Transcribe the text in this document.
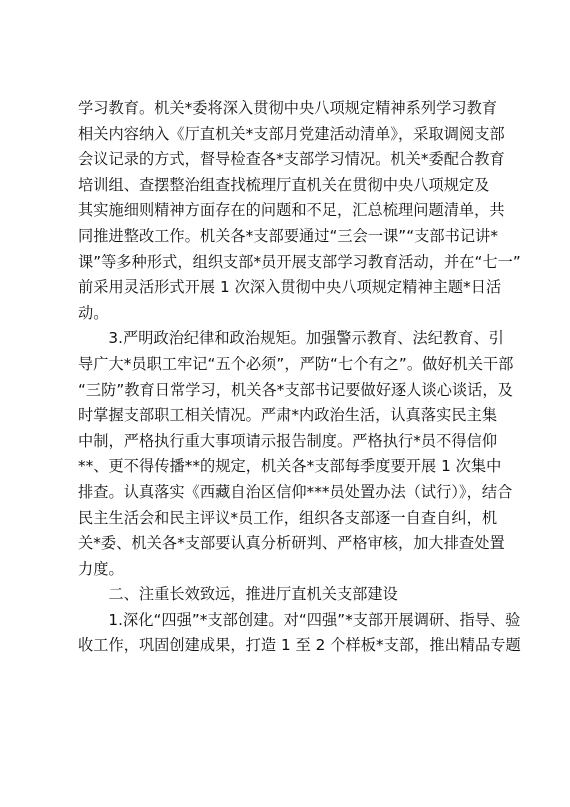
学习教育。机关*委将深入贯彻中央八项规定精神系列学习教育
相关内容纳入《厅直机关*支部月党建活动清单》，采取调阅支部
会议记录的方式，督导检查各*支部学习情况。机关*委配合教育
培训组、查摆整治组查找梳理厅直机关在贯彻中央八项规定及
其实施细则精神方面存在的问题和不足，汇总梳理问题清单，共
同推进整改工作。机关各*支部要通过“三会一课”“支部书记讲*
课”等多种形式，组织支部*员开展支部学习教育活动，并在“七一”
前采用灵活形式开展 1 次深入贯彻中央八项规定精神主题*日活
动。

3.严明政治纪律和政治规矩。加强警示教育、法纪教育、引
导广大*员职工牢记“五个必须”，严防“七个有之”。做好机关干部
“三防”教育日常学习，机关各*支部书记要做好逐人谈心谈话，及
时掌握支部职工相关情况。严肃*内政治生活，认真落实民主集
中制，严格执行重大事项请示报告制度。严格执行*员不得信仰
**、更不得传播**的规定，机关各*支部每季度要开展 1 次集中
排查。认真落实《西藏自治区信仰***员处置办法（试行）》，结合
民主生活会和民主评议*员工作，组织各支部逐一自查自纠，机
关*委、机关各*支部要认真分析研判、严格审核，加大排查处置
力度。

二、注重长效致远，推进厅直机关支部建设

1.深化“四强”*支部创建。对“四强”*支部开展调研、指导、验
收工作，巩固创建成果，打造 1 至 2 个样板*支部，推出精品专题
